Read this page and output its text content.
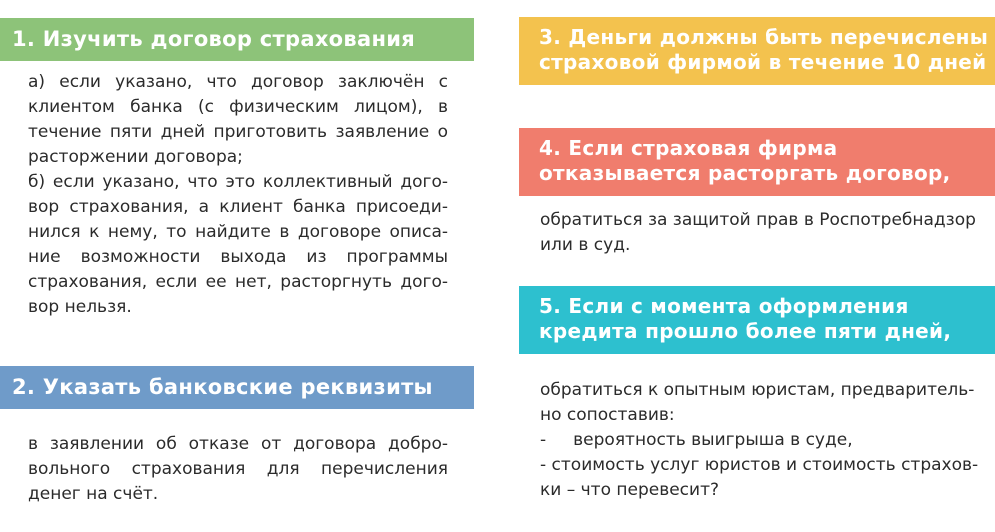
1. Изучить договор страхования
а) если указано, что договор заключён с
клиентом банка (с физическим лицом), в
течение пяти дней приготовить заявление о
расторжении договора;
б) если указано, что это коллективный дого-
вор страхования, а клиент банка присоеди-
нился к нему, то найдите в договоре описа-
ние возможности выхода из программы
страхования, если ее нет, расторгнуть дого-
вор нельзя.
2. Указать банковские реквизиты
в заявлении об отказе от договора добро-
вольного страхования для перечисления
денег на счёт.
3. Деньги должны быть перечислены
страховой фирмой в течение 10 дней
4. Если страховая фирма
отказывается расторгать договор,
обратиться за защитой прав в Роспотребнадзор
или в суд.
5. Если с момента оформления
кредита прошло более пяти дней,
обратиться к опытным юристам, предваритель-
но сопоставив:
-     вероятность выигрыша в суде,
- стоимость услуг юристов и стоимость страхов-
ки – что перевесит?
